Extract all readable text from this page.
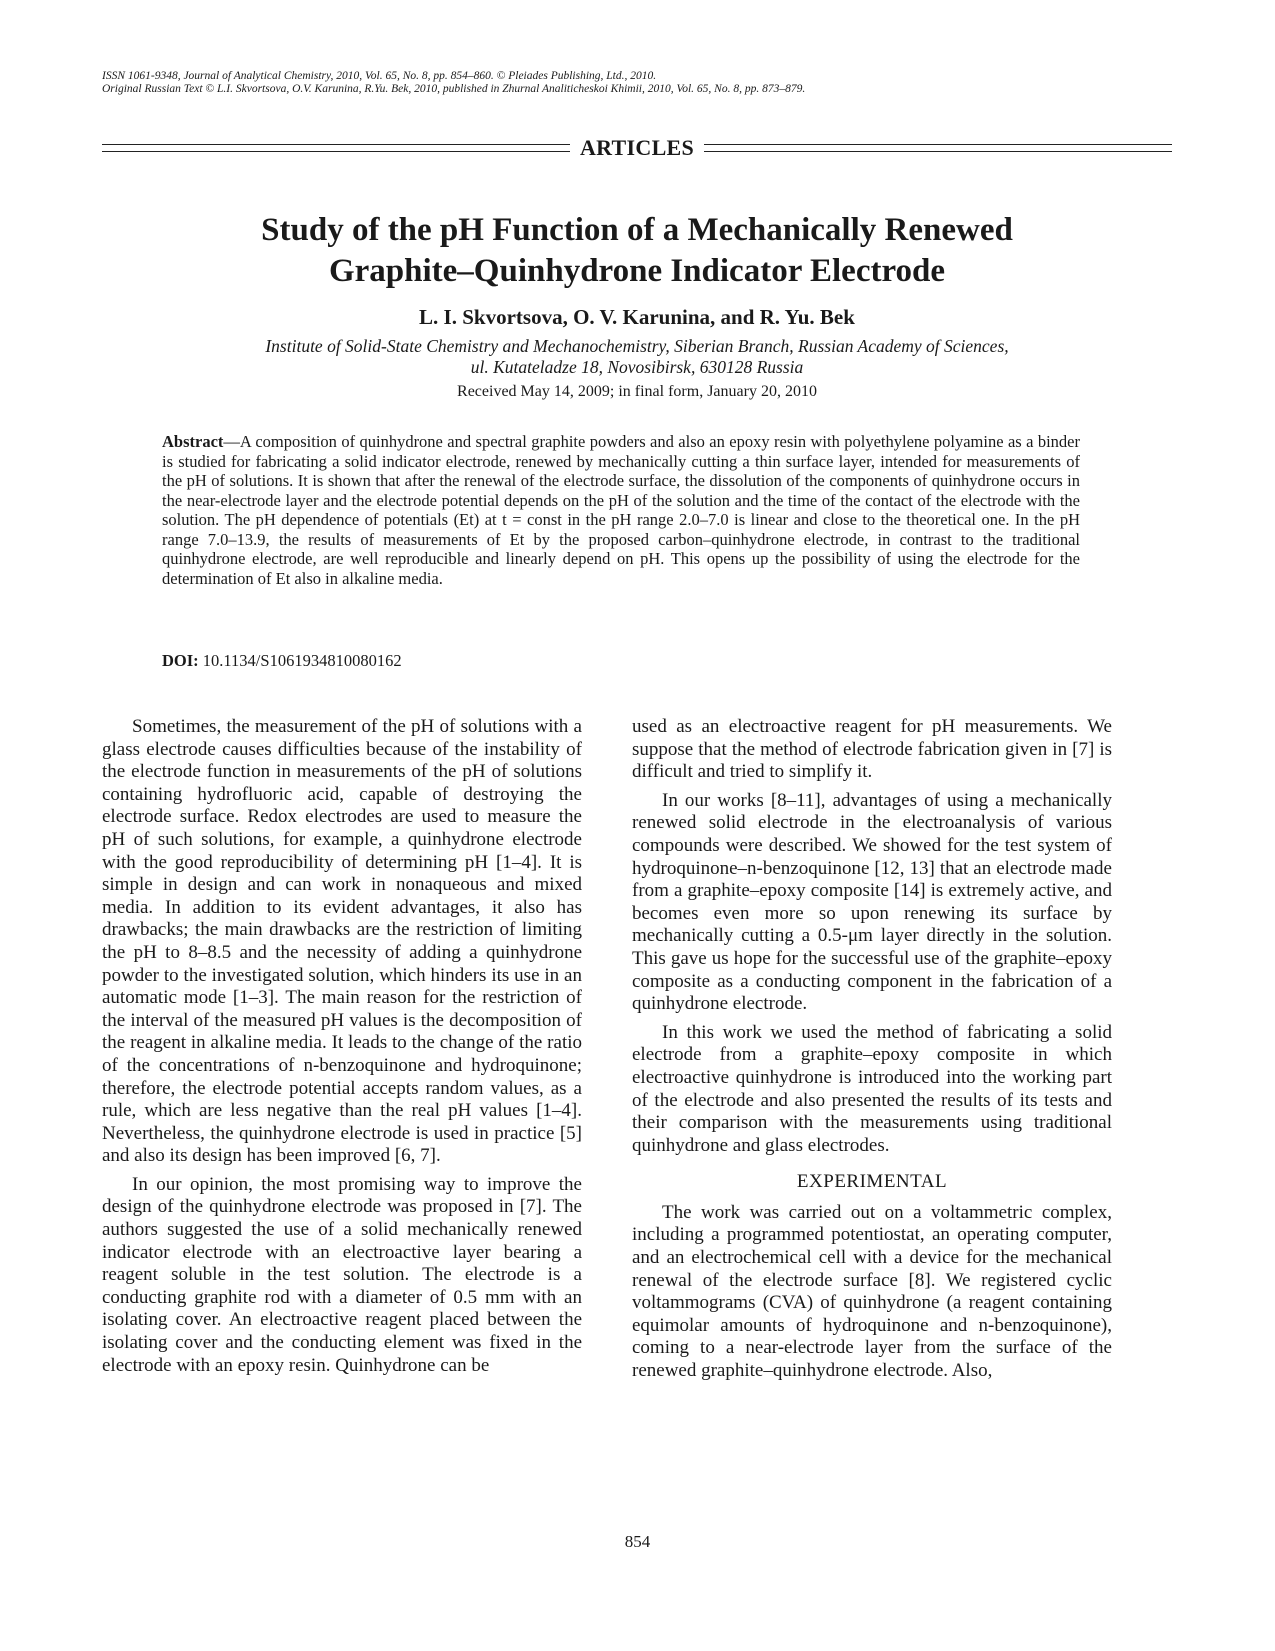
ISSN 1061-9348, Journal of Analytical Chemistry, 2010, Vol. 65, No. 8, pp. 854–860. © Pleiades Publishing, Ltd., 2010.
Original Russian Text © L.I. Skvortsova, O.V. Karunina, R.Yu. Bek, 2010, published in Zhurnal Analiticheskoi Khimii, 2010, Vol. 65, No. 8, pp. 873–879.
ARTICLES
Study of the pH Function of a Mechanically Renewed
Graphite–Quinhydrone Indicator Electrode
L. I. Skvortsova, O. V. Karunina, and R. Yu. Bek
Institute of Solid-State Chemistry and Mechanochemistry, Siberian Branch, Russian Academy of Sciences,
ul. Kutateladze 18, Novosibirsk, 630128 Russia
Received May 14, 2009; in final form, January 20, 2010
Abstract—A composition of quinhydrone and spectral graphite powders and also an epoxy resin with polyethylene polyamine as a binder is studied for fabricating a solid indicator electrode, renewed by mechanically cutting a thin surface layer, intended for measurements of the pH of solutions. It is shown that after the renewal of the electrode surface, the dissolution of the components of quinhydrone occurs in the near-electrode layer and the electrode potential depends on the pH of the solution and the time of the contact of the electrode with the solution. The pH dependence of potentials (Et) at t = const in the pH range 2.0–7.0 is linear and close to the theoretical one. In the pH range 7.0–13.9, the results of measurements of Et by the proposed carbon–quinhydrone electrode, in contrast to the traditional quinhydrone electrode, are well reproducible and linearly depend on pH. This opens up the possibility of using the electrode for the determination of Et also in alkaline media.
DOI: 10.1134/S1061934810080162

Sometimes, the measurement of the pH of solutions with a glass electrode causes difficulties because of the instability of the electrode function in measurements of the pH of solutions containing hydrofluoric acid, capable of destroying the electrode surface. Redox electrodes are used to measure the pH of such solutions, for example, a quinhydrone electrode with the good reproducibility of determining pH [1–4]. It is simple in design and can work in nonaqueous and mixed media. In addition to its evident advantages, it also has drawbacks; the main drawbacks are the restriction of limiting the pH to 8–8.5 and the necessity of adding a quinhydrone powder to the investigated solution, which hinders its use in an automatic mode [1–3]. The main reason for the restriction of the interval of the measured pH values is the decomposition of the reagent in alkaline media. It leads to the change of the ratio of the concentrations of n-benzoquinone and hydroquinone; therefore, the electrode potential accepts random values, as a rule, which are less negative than the real pH values [1–4]. Nevertheless, the quinhydrone electrode is used in practice [5] and also its design has been improved [6, 7].

In our opinion, the most promising way to improve the design of the quinhydrone electrode was proposed in [7]. The authors suggested the use of a solid mechanically renewed indicator electrode with an electroactive layer bearing a reagent soluble in the test solution. The electrode is a conducting graphite rod with a diameter of 0.5 mm with an isolating cover. An electroactive reagent placed between the isolating cover and the conducting element was fixed in the electrode with an epoxy resin. Quinhydrone can be

used as an electroactive reagent for pH measurements. We suppose that the method of electrode fabrication given in [7] is difficult and tried to simplify it.

In our works [8–11], advantages of using a mechanically renewed solid electrode in the electroanalysis of various compounds were described. We showed for the test system of hydroquinone–n-benzoquinone [12, 13] that an electrode made from a graphite–epoxy composite [14] is extremely active, and becomes even more so upon renewing its surface by mechanically cutting a 0.5-μm layer directly in the solution. This gave us hope for the successful use of the graphite–epoxy composite as a conducting component in the fabrication of a quinhydrone electrode.

In this work we used the method of fabricating a solid electrode from a graphite–epoxy composite in which electroactive quinhydrone is introduced into the working part of the electrode and also presented the results of its tests and their comparison with the measurements using traditional quinhydrone and glass electrodes.

EXPERIMENTAL

The work was carried out on a voltammetric complex, including a programmed potentiostat, an operating computer, and an electrochemical cell with a device for the mechanical renewal of the electrode surface [8]. We registered cyclic voltammograms (CVA) of quinhydrone (a reagent containing equimolar amounts of hydroquinone and n-benzoquinone), coming to a near-electrode layer from the surface of the renewed graphite–quinhydrone electrode. Also,

854
